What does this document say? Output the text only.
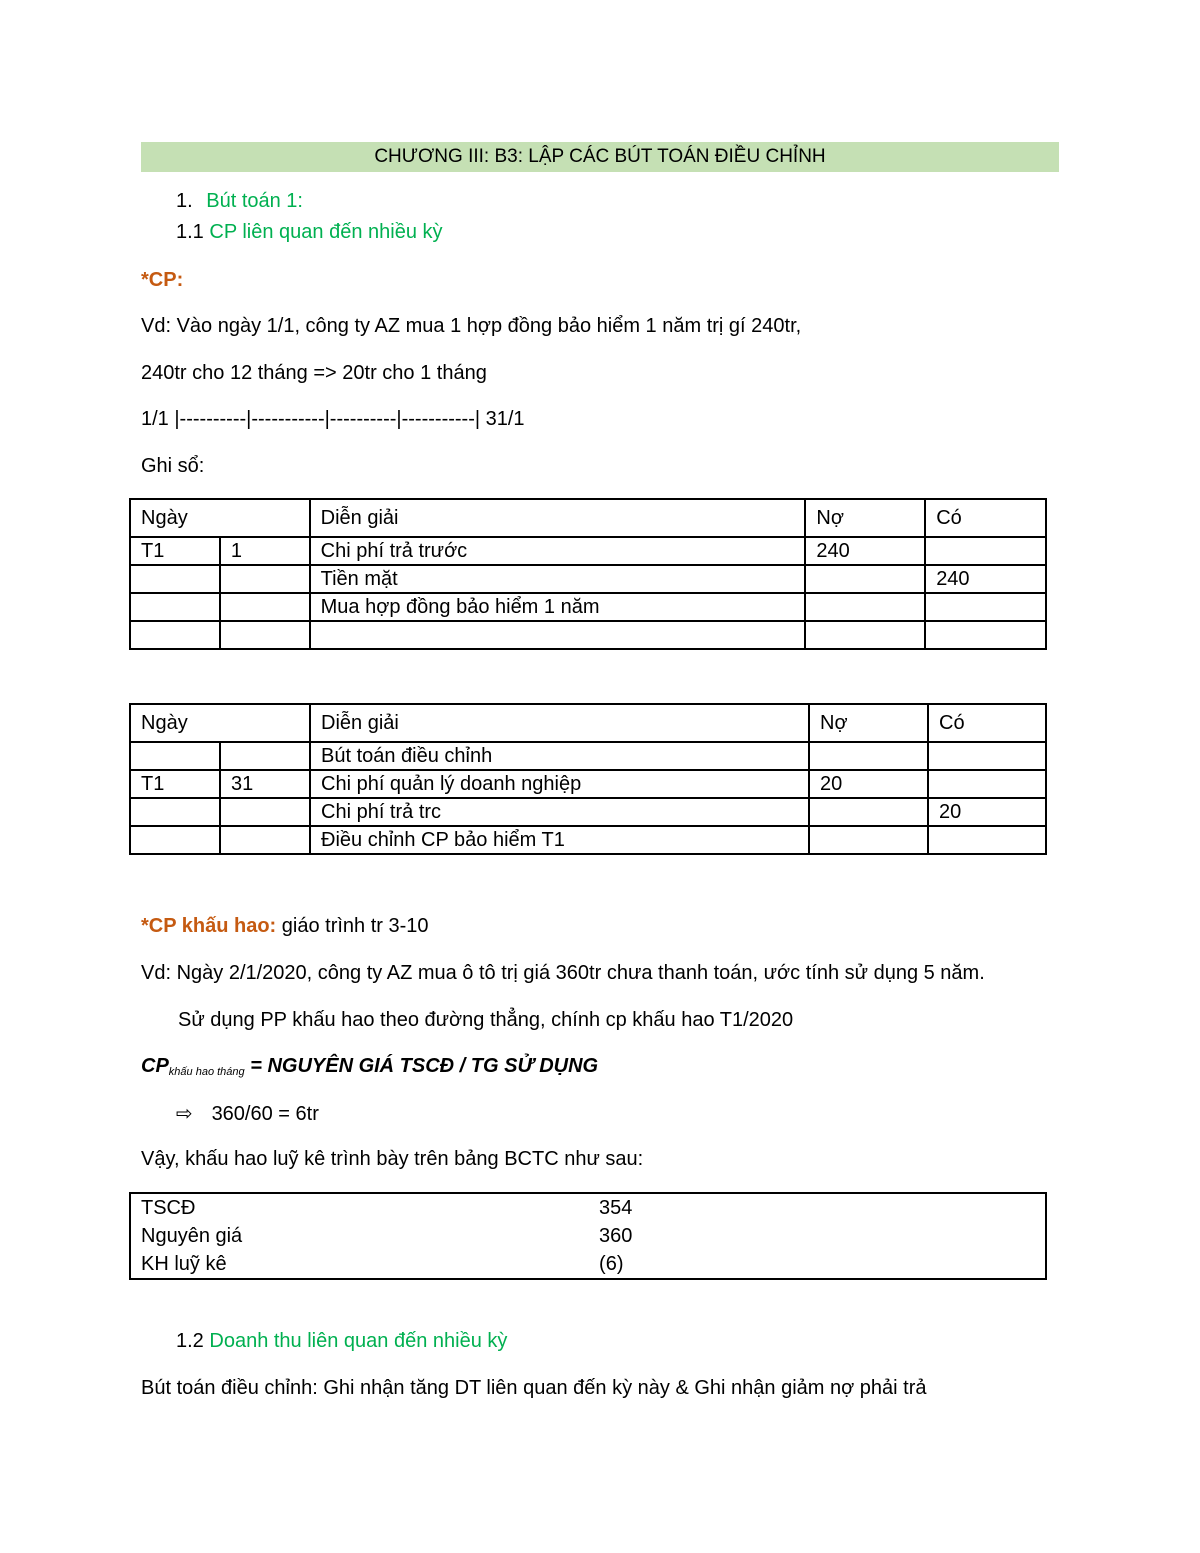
CHƯƠNG III: B3: LẬP CÁC BÚT TOÁN ĐIỀU CHỈNH
1. Bút toán 1:
1.1 CP liên quan đến nhiều kỳ
*CP:
Vd: Vào ngày 1/1, công ty AZ mua 1 hợp đồng bảo hiểm 1 năm trị gí 240tr,
240tr cho 12 tháng => 20tr cho 1 tháng
1/1 |----------|-----------|----------|-----------| 31/1
Ghi sổ:
Ngày		Diễn giải	Nợ	Có
T1	1	Chi phí trả trước	240	
		Tiền mặt		240
		Mua hợp đồng bảo hiểm 1 năm		

Ngày		Diễn giải	Nợ	Có
		Bút toán điều chỉnh		
T1	31	Chi phí quản lý doanh nghiệp	20	
		Chi phí trả trc		20
		Điều chỉnh CP bảo hiểm T1		
*CP khấu hao: giáo trình tr 3-10
Vd: Ngày 2/1/2020, công ty AZ mua ô tô trị giá 360tr chưa thanh toán, ước tính sử dụng 5 năm.
Sử dụng PP khấu hao theo đường thẳng, chính cp khấu hao T1/2020
$CP_{khấu hao tháng}$ = NGUYÊN GIÁ TSCĐ / TG SỬ DỤNG
⇨ 360/60 = 6tr
Vậy, khấu hao luỹ kê trình bày trên bảng BCTC như sau:
TSCĐ	354
Nguyên giá	360
KH luỹ kê	(6)
1.2 Doanh thu liên quan đến nhiều kỳ
Bút toán điều chỉnh: Ghi nhận tăng DT liên quan đến kỳ này & Ghi nhận giảm nợ phải trả
